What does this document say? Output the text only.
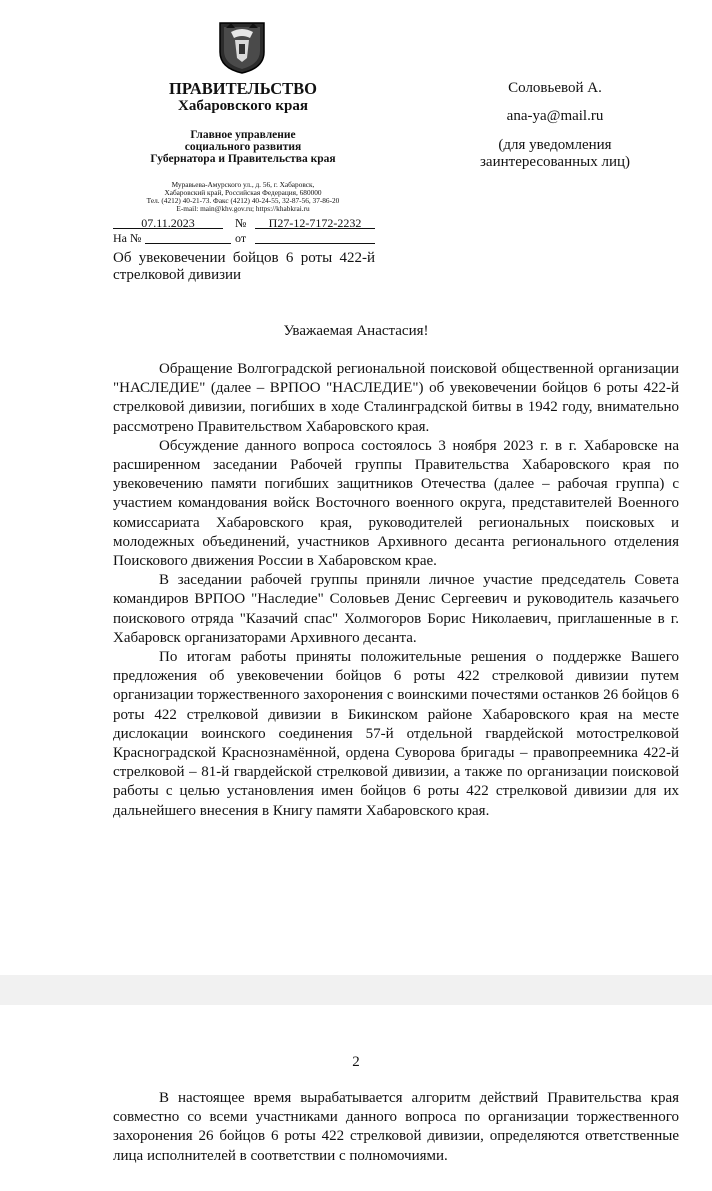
ПРАВИТЕЛЬСТВО
Хабаровского края
Главное управление
социального развития
Губернатора и Правительства края
Муравьева-Амурского ул., д. 56, г. Хабаровск,
Хабаровский край, Российская Федерация, 680000
Тел. (4212) 40-21-73. Факс (4212) 40-24-55, 32-87-56, 37-86-20
E-mail: main@khv.gov.ru; https://khabkrai.ru
07.11.2023	№	П27-12-7172-2232
На №	от
Об увековечении бойцов 6 роты 422-й стрелковой дивизии
Соловьевой А.
ana-ya@mail.ru
(для уведомления
заинтересованных лиц)
Уважаемая Анастасия!

Обращение Волгоградской региональной поисковой общественной организации "НАСЛЕДИЕ" (далее – ВРПОО "НАСЛЕДИЕ") об увековечении бойцов 6 роты 422-й стрелковой дивизии, погибших в ходе Сталинградской битвы в 1942 году, внимательно рассмотрено Правительством Хабаровского края.

Обсуждение данного вопроса состоялось 3 ноября 2023 г. в г. Хабаровске на расширенном заседании Рабочей группы Правительства Хабаровского края по увековечению памяти погибших защитников Отечества (далее – рабочая группа) с участием командования войск Восточного военного округа, представителей Военного комиссариата Хабаровского края, руководителей региональных поисковых и молодежных объединений, участников Архивного десанта регионального отделения Поискового движения России в Хабаровском крае.

В заседании рабочей группы приняли личное участие председатель Совета командиров ВРПОО "Наследие" Соловьев Денис Сергеевич и руководитель казачьего поискового отряда "Казачий спас" Холмогоров Борис Николаевич, приглашенные в г. Хабаровск организаторами Архивного десанта.

По итогам работы приняты положительные решения о поддержке Вашего предложения об увековечении бойцов 6 роты 422 стрелковой дивизии путем организации торжественного захоронения с воинскими почестями останков 26 бойцов 6 роты 422 стрелковой дивизии в Бикинском районе Хабаровского края на месте дислокации воинского соединения 57-й отдельной гвардейской мотострелковой Красноградской Краснознамённой, ордена Суворова бригады – правопреемника 422-й стрелковой – 81-й гвардейской стрелковой дивизии, а также по организации поисковой работы с целью установления имен бойцов 6 роты 422 стрелковой дивизии для их дальнейшего внесения в Книгу памяти Хабаровского края.

В настоящее время вырабатывается алгоритм действий Правительства края совместно со всеми участниками данного вопроса по организации торжественного захоронения 26 бойцов 6 роты 422 стрелковой дивизии, определяются ответственные лица исполнителей в соответствии с полномочиями.

2
